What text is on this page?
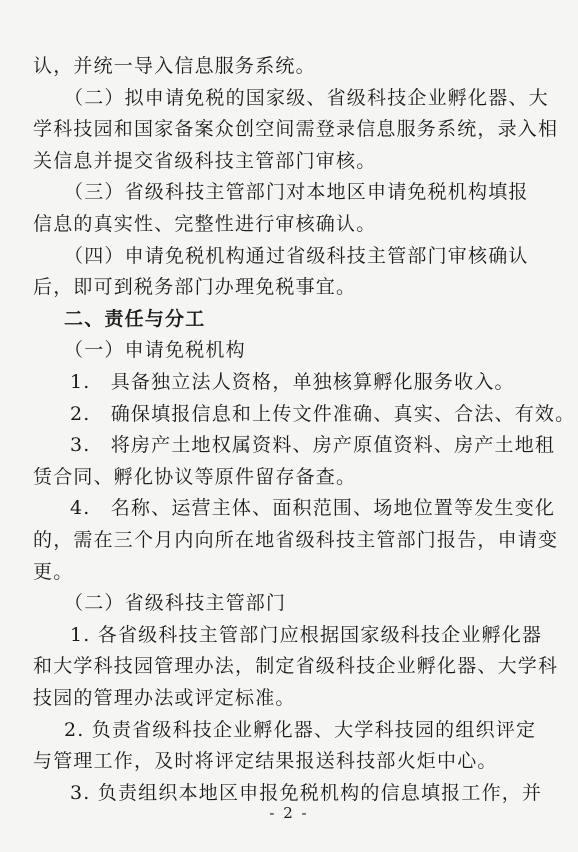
认，并统一导入信息服务系统。
（二）拟申请免税的国家级、省级科技企业孵化器、大
学科技园和国家备案众创空间需登录信息服务系统，录入相
关信息并提交省级科技主管部门审核。
（三）省级科技主管部门对本地区申请免税机构填报
信息的真实性、完整性进行审核确认。
（四）申请免税机构通过省级科技主管部门审核确认
后，即可到税务部门办理免税事宜。
二、责任与分工
（一）申请免税机构
1.　具备独立法人资格，单独核算孵化服务收入。
2.　确保填报信息和上传文件准确、真实、合法、有效。
3.　将房产土地权属资料、房产原值资料、房产土地租
赁合同、孵化协议等原件留存备查。
4.　名称、运营主体、面积范围、场地位置等发生变化
的，需在三个月内向所在地省级科技主管部门报告，申请变
更。
（二）省级科技主管部门
1. 各省级科技主管部门应根据国家级科技企业孵化器
和大学科技园管理办法，制定省级科技企业孵化器、大学科
技园的管理办法或评定标准。
2. 负责省级科技企业孵化器、大学科技园的组织评定
与管理工作，及时将评定结果报送科技部火炬中心。
3. 负责组织本地区申报免税机构的信息填报工作，并
- 2 -
